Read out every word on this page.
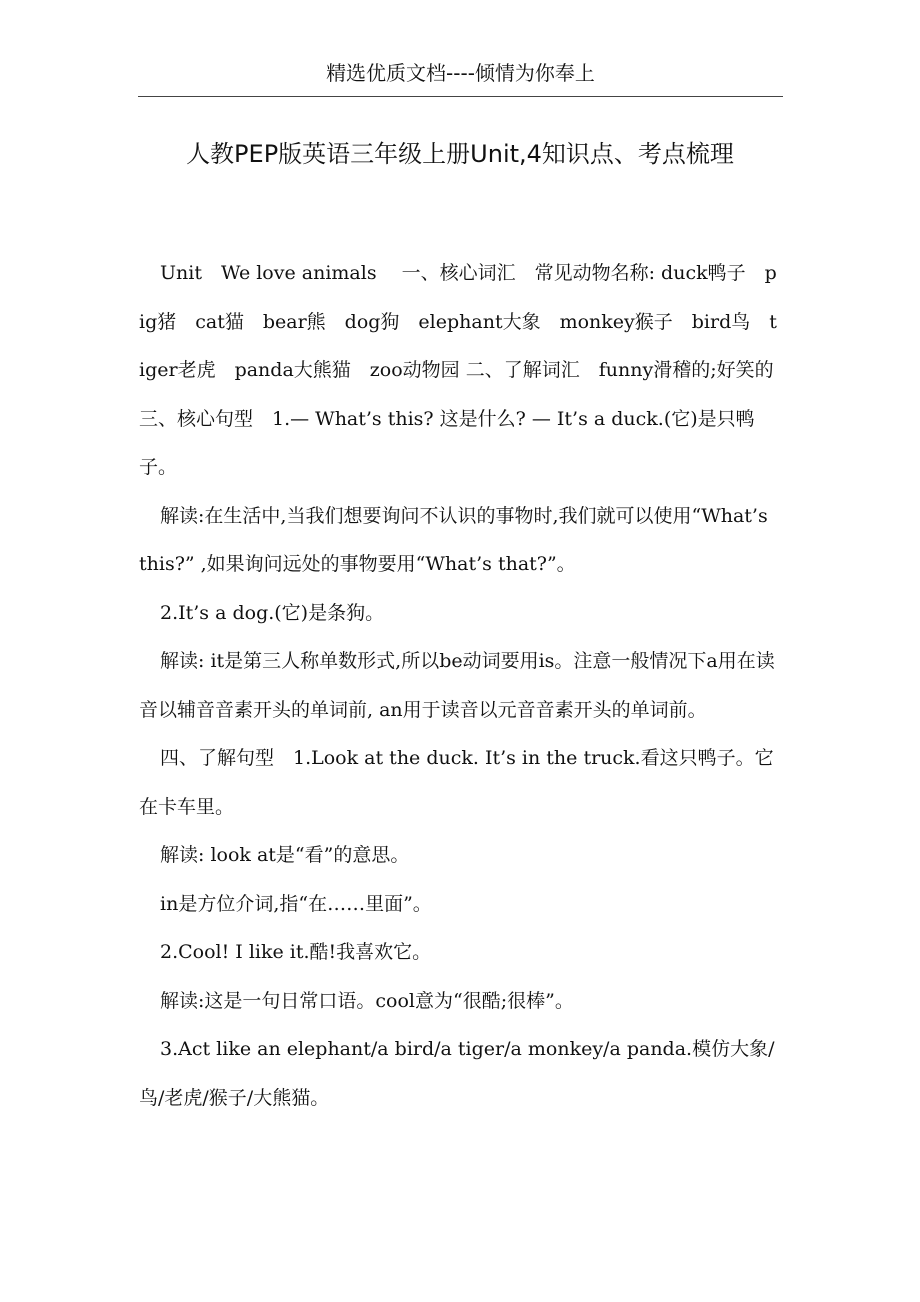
精选优质文档----倾情为你奉上
人教PEP版英语三年级上册Unit,4知识点、考点梳理

Unit　We love animals　 一、核心词汇　常见动物名称: duck鸭子　pig猪　cat猫　bear熊　dog狗　elephant大象　monkey猴子　bird鸟　tiger老虎　panda大熊猫　zoo动物园 二、了解词汇　funny滑稽的;好笑的 三、核心句型　1.— What’s this? 这是什么? — It’s a duck.(它)是只鸭子。

解读:在生活中,当我们想要询问不认识的事物时,我们就可以使用“What’s this?” ,如果询问远处的事物要用“What’s that?”。

2.It’s a dog.(它)是条狗。

解读: it是第三人称单数形式,所以be动词要用is。注意一般情况下a用在读音以辅音音素开头的单词前, an用于读音以元音音素开头的单词前。

四、了解句型　1.Look at the duck. It’s in the truck.看这只鸭子。它在卡车里。

解读: look at是“看”的意思。

in是方位介词,指“在……里面”。

2.Cool! I like it.酷!我喜欢它。

解读:这是一句日常口语。cool意为“很酷;很棒”。

3.Act like an elephant/a bird/a tiger/a monkey/a panda.模仿大象/鸟/老虎/猴子/大熊猫。
